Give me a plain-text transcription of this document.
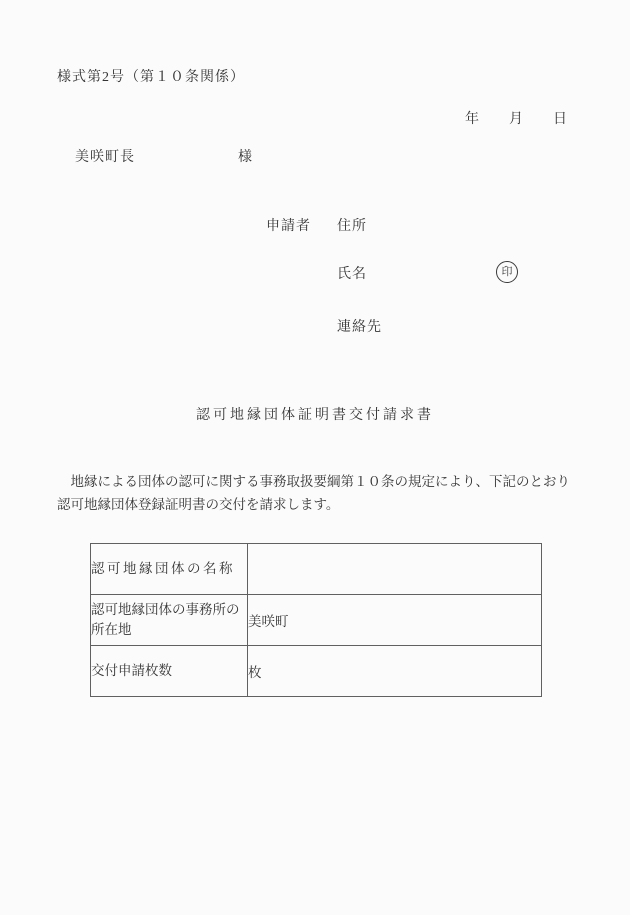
様式第2号（第１０条関係）
年 月 日
美咲町長	様
申請者 住所
氏名	印
連絡先
認可地縁団体証明書交付請求書
　地縁による団体の認可に関する事務取扱要綱第１０条の規定により、下記のとおり
認可地縁団体登録証明書の交付を請求します。
認可地縁団体の名称	
認可地縁団体の事務所の所在地	美咲町
交付申請枚数	枚
